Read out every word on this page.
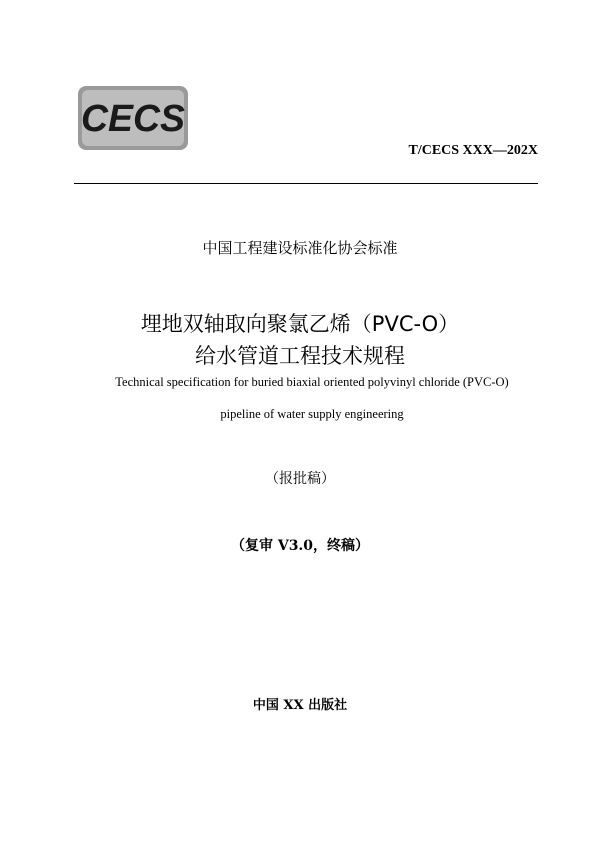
CECS
T/CECS XXX—202X
中国工程建设标准化协会标准
埋地双轴取向聚氯乙烯（PVC-O）
给水管道工程技术规程
Technical specification for buried biaxial oriented polyvinyl chloride (PVC-O)
pipeline of water supply engineering
（报批稿）
（复审 V3.0，终稿）
中国 XX 出版社
